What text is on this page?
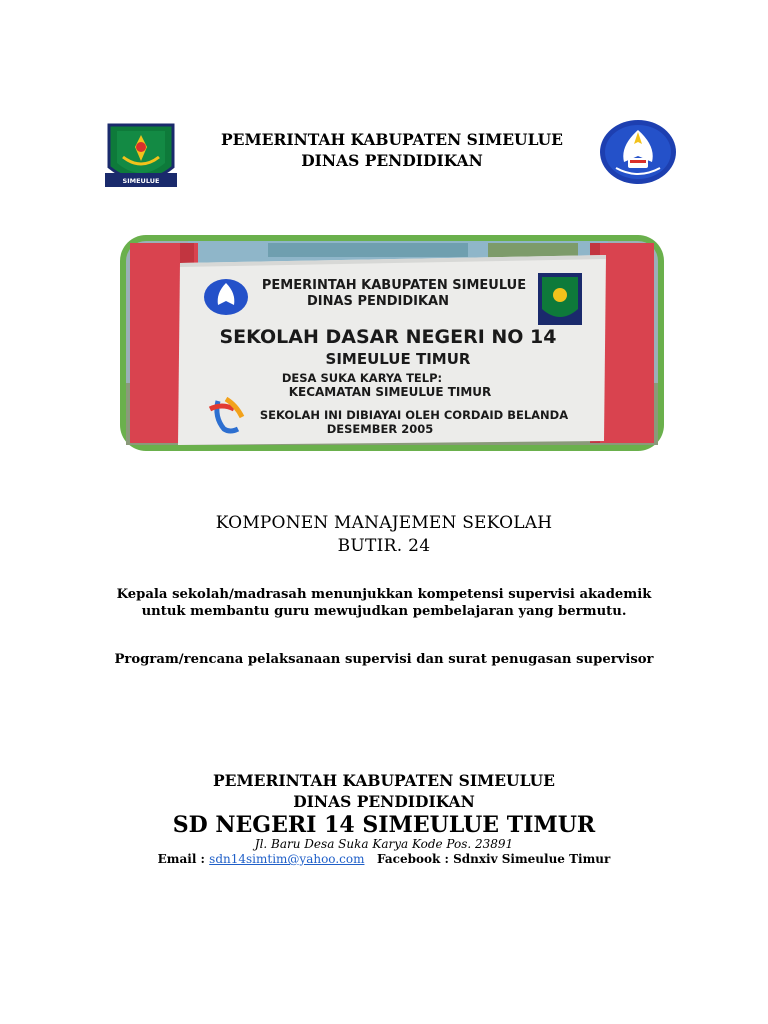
SIMEULUE
PEMERINTAH KABUPATEN SIMEULUE
DINAS PENDIDIKAN
PEMERINTAH KABUPATEN SIMEULUE
DINAS PENDIDIKAN
SEKOLAH DASAR NEGERI NO 14
SIMEULUE TIMUR
DESA SUKA KARYA TELP:
KECAMATAN SIMEULUE TIMUR
SEKOLAH INI DIBIAYAI OLEH CORDAID BELANDA
DESEMBER 2005
KOMPONEN MANAJEMEN SEKOLAH
BUTIR. 24
Kepala sekolah/madrasah menunjukkan kompetensi supervisi akademik
untuk membantu guru mewujudkan pembelajaran yang bermutu.
Program/rencana pelaksanaan supervisi dan surat penugasan supervisor
PEMERINTAH KABUPATEN SIMEULUE
DINAS PENDIDIKAN
SD NEGERI 14 SIMEULUE TIMUR
Jl. Baru Desa Suka Karya Kode Pos. 23891
Email : sdn14simtim@yahoo.com   Facebook : Sdnxiv Simeulue Timur
